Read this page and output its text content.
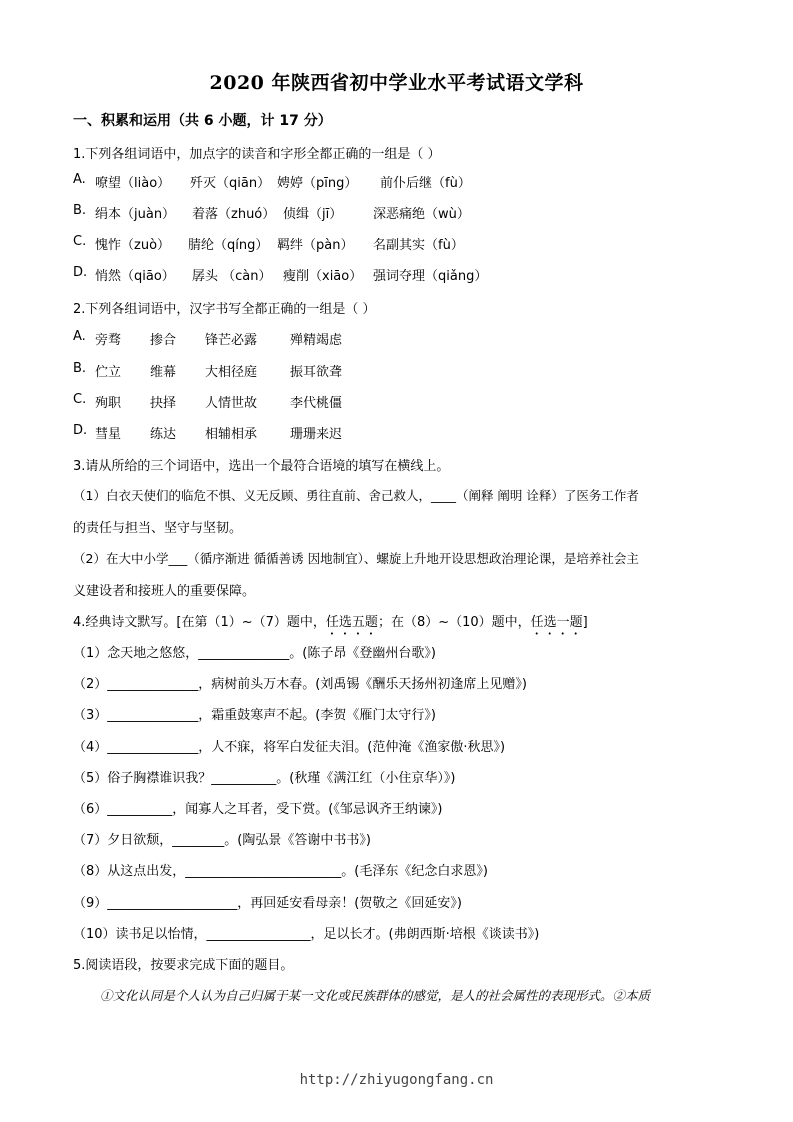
2020 年陕西省初中学业水平考试语文学科
一、积累和运用（共 6 小题，计 17 分）
1.下列各组词语中，加点字的读音和字形全都正确的一组是（ ）
A. 嘹望（liào） 歼灭（qiān） 娉婷（pīng） 前仆后继（fù）
B. 绢本（juàn） 着落（zhuó） 侦缉（jī） 深恶痛绝（wù）
C. 愧怍（zuò） 腈纶（qíng） 羁绊（pàn） 名副其实（fù）
D. 悄然（qiāo） 孱头 （càn） 瘦削（xiāo） 强词夺理（qiǎng）
2.下列各组词语中，汉字书写全都正确的一组是（ ）
A. 旁骛 掺合 锋芒必露	殚精竭虑
B. 伫立 维幕 大相径庭	振耳欲聋
C. 殉职 抉择 人情世故	李代桃僵
D. 彗星 练达 相辅相承	珊珊来迟
3.请从所给的三个词语中，选出一个最符合语境的填写在横线上。
（1）白衣天使们的临危不惧、义无反顾、勇往直前、舍己救人，____（阐释 阐明 诠释）了医务工作者
的责任与担当、坚守与坚韧。
（2）在大中小学___（循序渐进 循循善诱 因地制宜）、螺旋上升地开设思想政治理论课，是培养社会主
义建设者和接班人的重要保障。
4.经典诗文默写。[在第（1）~（7）题中，任选五题；在（8）~（10）题中，任选一题]
（1）念天地之悠悠，______________。(陈子昂《登幽州台歌》)
（2）______________，病树前头万木春。(刘禹锡《酬乐天扬州初逢席上见赠》)
（3）______________，霜重鼓寒声不起。(李贺《雁门太守行》)
（4）______________，人不寐，将军白发征夫泪。(范仲淹《渔家傲·秋思》)
（5）俗子胸襟谁识我？__________。(秋瑾《满江红（小住京华）》)
（6）__________，闻寡人之耳者，受下赏。(《邹忌讽齐王纳谏》)
（7）夕日欲颓，________。(陶弘景《答谢中书书》)
（8）从这点出发，________________________。(毛泽东《纪念白求恩》)
（9）____________________，再回延安看母亲！(贺敬之《回延安》)
（10）读书足以怡情，________________，足以长才。(弗朗西斯·培根《谈读书》)
5.阅读语段，按要求完成下面的题目。
①文化认同是个人认为自己归属于某一文化或民族群体的感觉，是人的社会属性的表现形式。②本质
http://zhiyugongfang.cn
